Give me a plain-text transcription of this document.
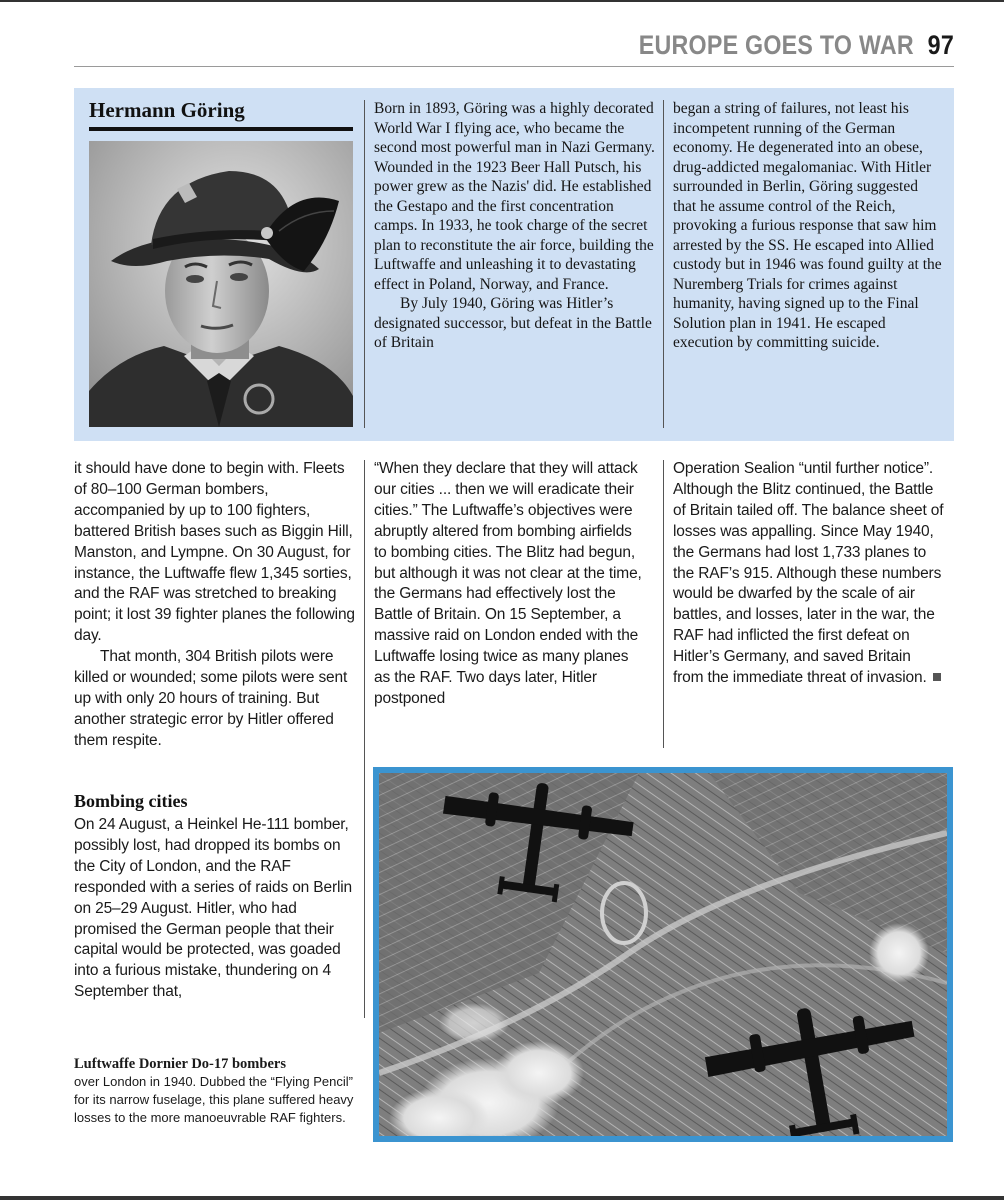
EUROPE GOES TO WAR 97
Hermann Göring	Born in 1893, Göring was a highly decorated World War I flying ace, who became the second most powerful man in Nazi Germany. Wounded in the 1923 Beer Hall Putsch, his power grew as the Nazis' did. He established the Gestapo and the first concentration camps. In 1933, he took charge of the secret plan to reconstitute the air force, building the Luftwaffe and unleashing it to devastating effect in Poland, Norway, and France.

By July 1940, Göring was Hitler’s designated successor, but defeat in the Battle of Britain

began a string of failures, not least his incompetent running of the German economy. He degenerated into an obese, drug-addicted megalomaniac. With Hitler surrounded in Berlin, Göring suggested that he assume control of the Reich, provoking a furious response that saw him arrested by the SS. He escaped into Allied custody but in 1946 was found guilty at the Nuremberg Trials for crimes against humanity, having signed up to the Final Solution plan in 1941. He escaped execution by committing suicide.

it should have done to begin with. Fleets of 80–100 German bombers, accompanied by up to 100 fighters, battered British bases such as Biggin Hill, Manston, and Lympne. On 30 August, for instance, the Luftwaffe flew 1,345 sorties, and the RAF was stretched to breaking point; it lost 39 fighter planes the following day.

That month, 304 British pilots were killed or wounded; some pilots were sent up with only 20 hours of training. But another strategic error by Hitler offered them respite.

Bombing cities

On 24 August, a Heinkel He-111 bomber, possibly lost, had dropped its bombs on the City of London, and the RAF responded with a series of raids on Berlin on 25–29 August. Hitler, who had promised the German people that their capital would be protected, was goaded into a furious mistake, thundering on 4 September that,

“When they declare that they will attack our cities ... then we will eradicate their cities.” The Luftwaffe’s objectives were abruptly altered from bombing airfields to bombing cities. The Blitz had begun, but although it was not clear at the time, the Germans had effectively lost the Battle of Britain. On 15 September, a massive raid on London ended with the Luftwaffe losing twice as many planes as the RAF. Two days later, Hitler postponed

Operation Sealion “until further notice”. Although the Blitz continued, the Battle of Britain tailed off. The balance sheet of losses was appalling. Since May 1940, the Germans had lost 1,733 planes to the RAF’s 915. Although these numbers would be dwarfed by the scale of air battles, and losses, later in the war, the RAF had inflicted the first defeat on Hitler’s Germany, and saved Britain from the immediate threat of invasion.

Luftwaffe Dornier Do-17 bombers
over London in 1940. Dubbed the “Flying Pencil” for its narrow fuselage, this plane suffered heavy losses to the more manoeuvrable RAF fighters.
